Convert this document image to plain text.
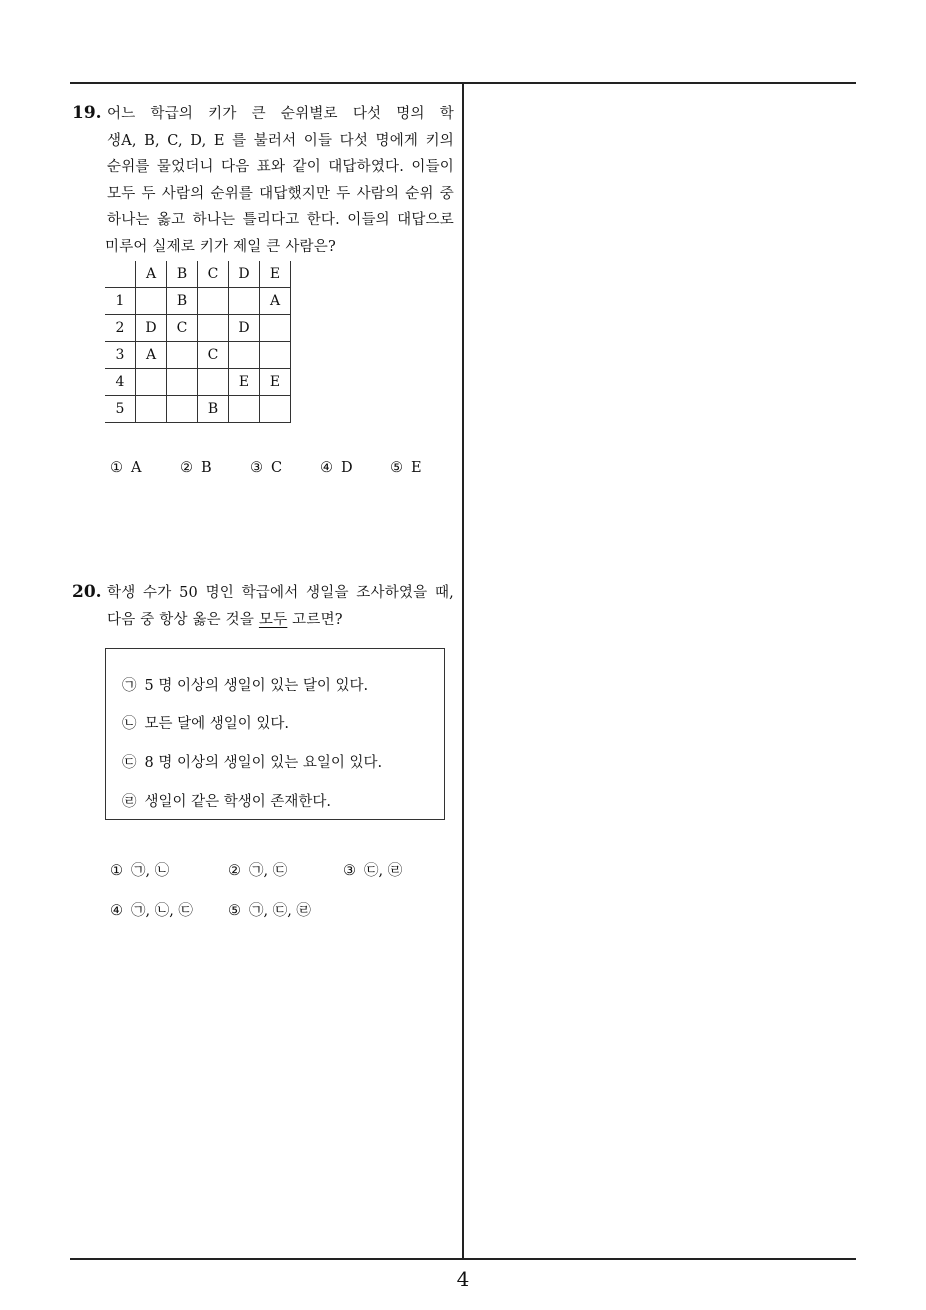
19. 어느 학급의 키가 큰 순위별로 다섯 명의 학
생A, B, C, D, E 를 불러서 이들 다섯 명에게 키의
순위를 물었더니 다음 표와 같이 대답하였다. 이들이
모두 두 사람의 순위를 대답했지만 두 사람의 순위 중
하나는 옳고 하나는 틀리다고 한다. 이들의 대답으로
미루어 실제로 키가 제일 큰 사람은?
	A	B	C	D	E
1		B			A
2	D	C		D	
3	A		C		
4				E	E
5			B		
① A	② B	③ C	④ D	⑤ E
20. 학생 수가 50 명인 학급에서 생일을 조사하였을 때,
다음 중 항상 옳은 것을 모두 고르면?
㉠ 5 명 이상의 생일이 있는 달이 있다.
㉡ 모든 달에 생일이 있다.
㉢ 8 명 이상의 생일이 있는 요일이 있다.
㉣ 생일이 같은 학생이 존재한다.
① ㉠, ㉡	② ㉠, ㉢	③ ㉢, ㉣
④ ㉠, ㉡, ㉢ ⑤ ㉠, ㉢, ㉣
4
